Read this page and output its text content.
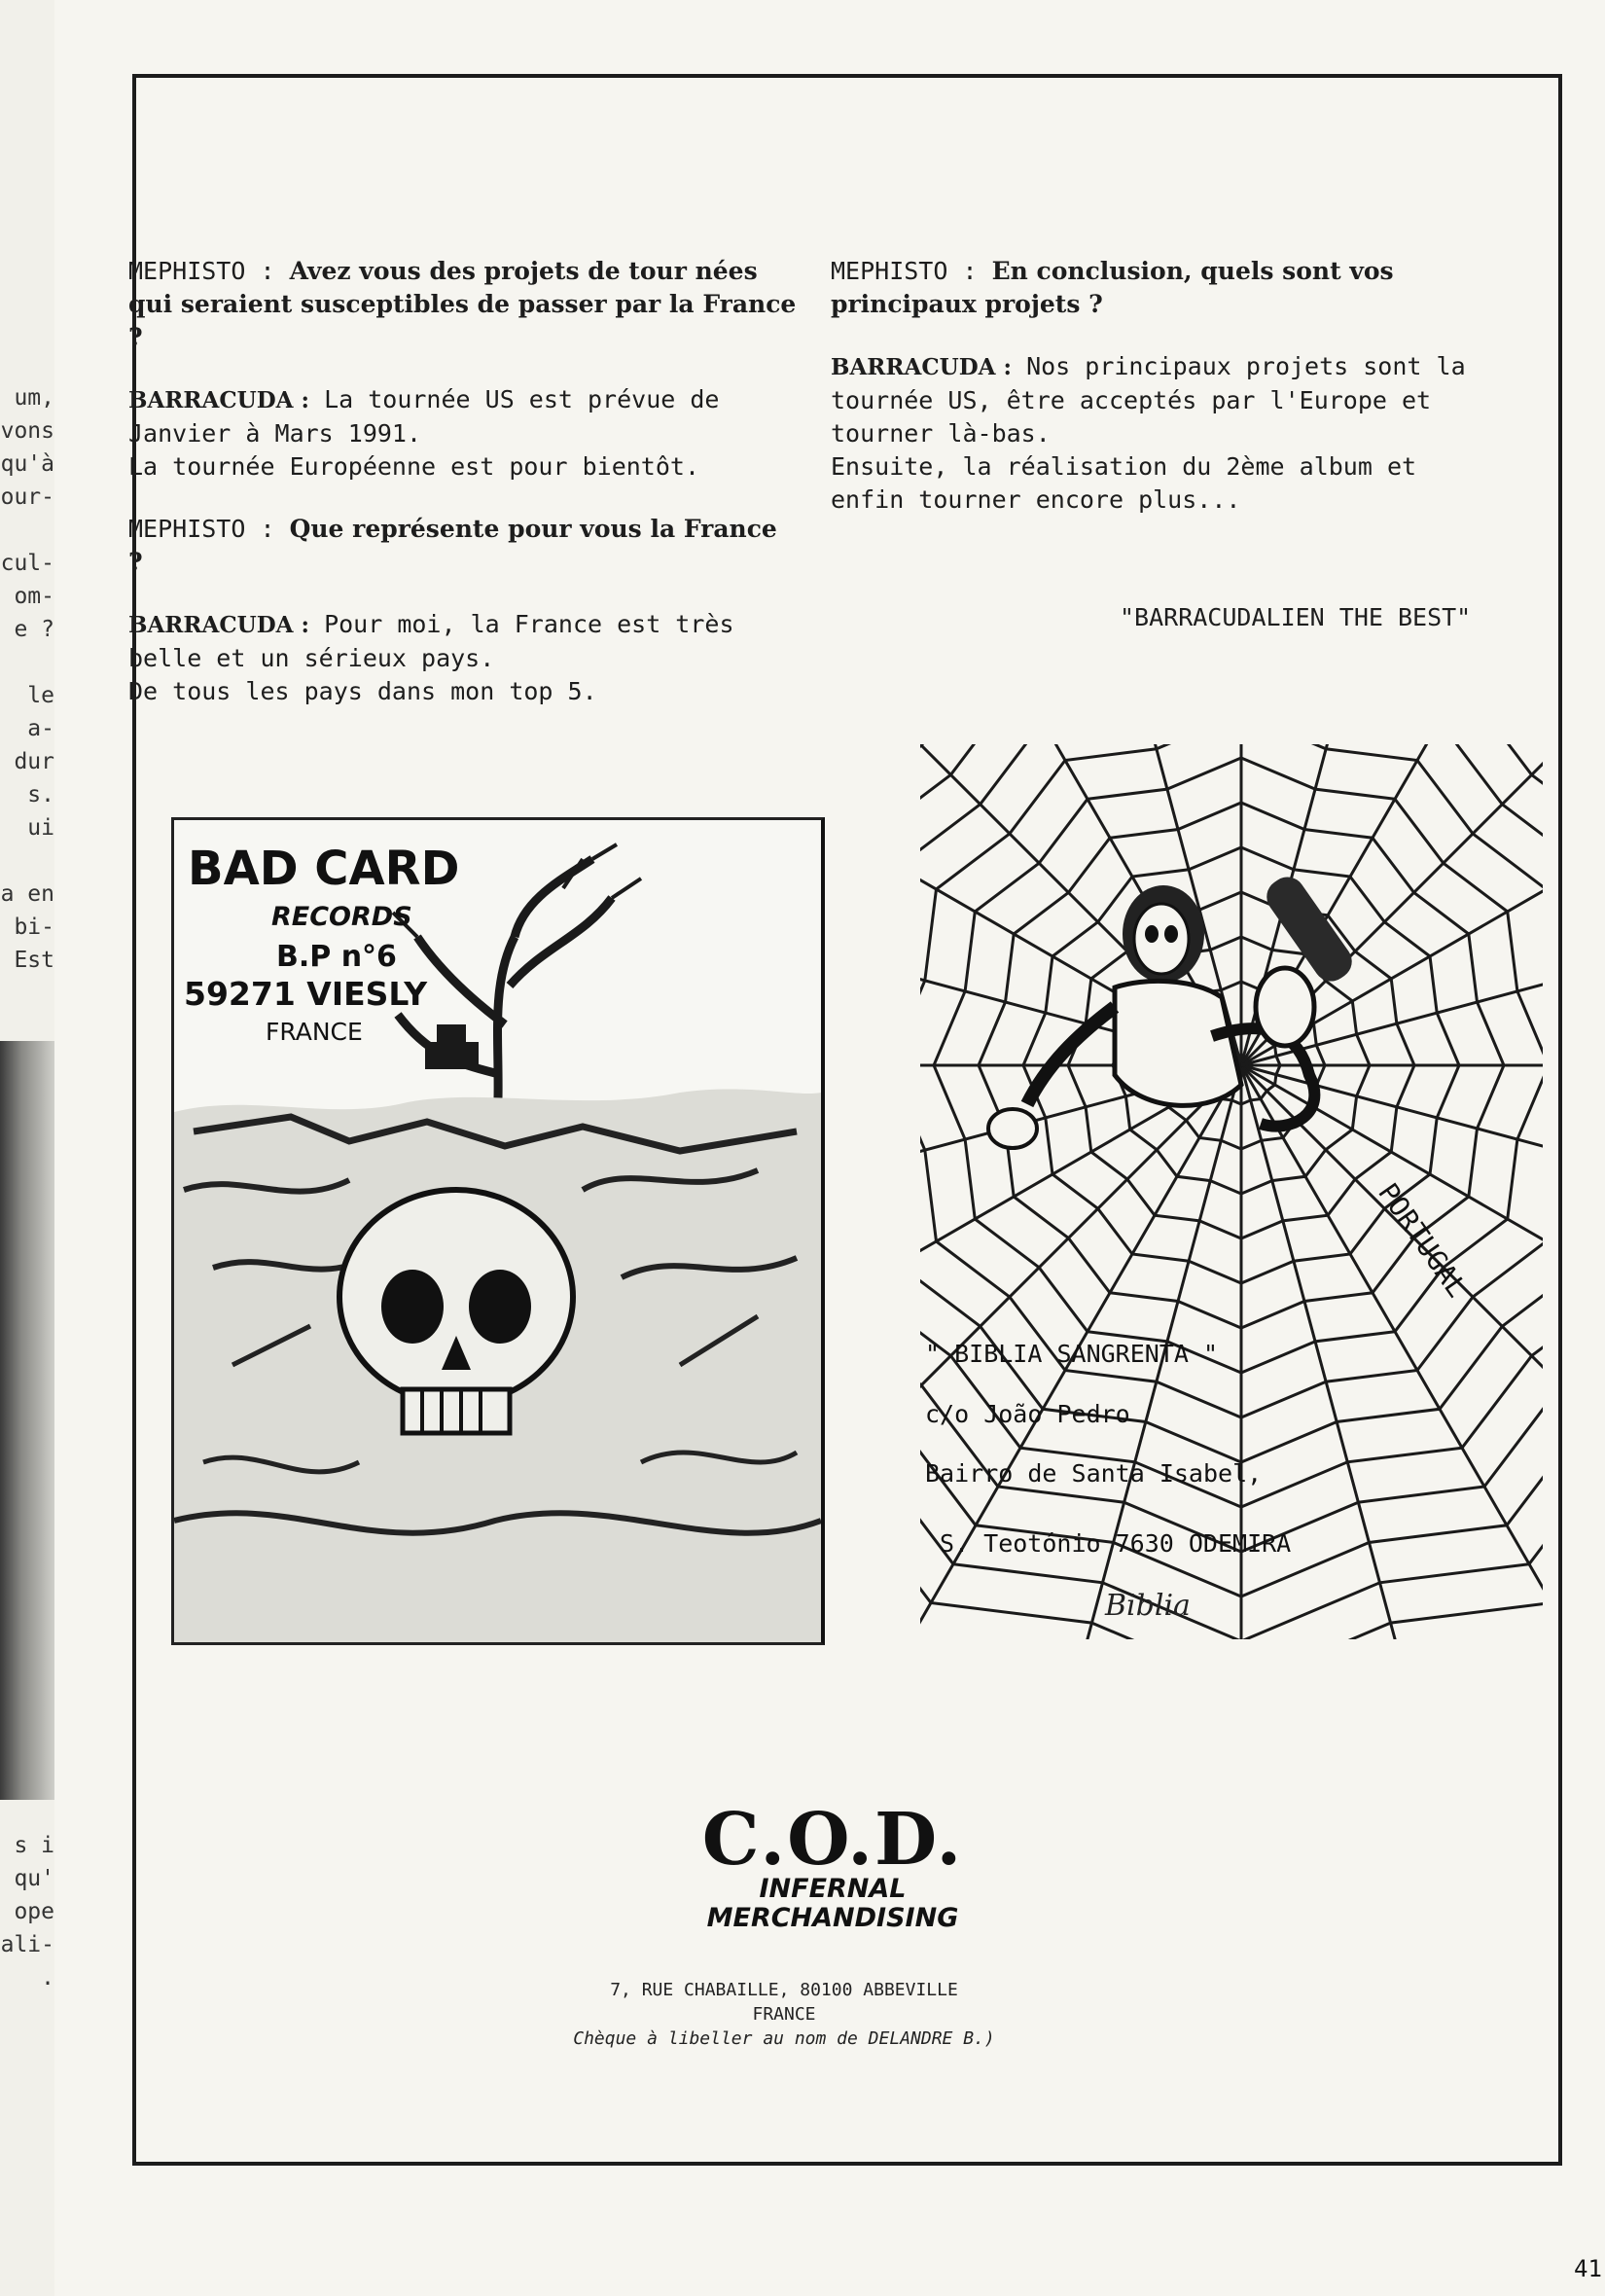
um,
vons
qu'à
our-
cul-
om-
e ?
le
a-
dur
s.
ui
a en
bi-
Est
s i
qu'
ope
ali-
.

MEPHISTO : Avez vous des projets de tour nées qui seraient susceptibles de passer par la France ?

BARRACUDA : La tournée US est prévue de Janvier à Mars 1991.

La tournée Européenne est pour bientôt.

MEPHISTO : Que représente pour vous la France ?

BARRACUDA : Pour moi, la France est très belle et un sérieux pays.

De tous les pays dans mon top 5.

MEPHISTO : En conclusion, quels sont vos principaux projets ?

BARRACUDA : Nos principaux projets sont la tournée US, être acceptés par l'Europe et tourner là-bas.

Ensuite, la réalisation du 2ème album et enfin tourner encore plus...

"BARRACUDALIEN THE BEST"
BAD CARD
RECORDS
B.P n°6
59271 VIESLY
FRANCE
PORTUGAL
" BIBLIA SANGRENTA "
c/o João Pedro
Bairro de Santa Isabel,
S. Teotónio 7630 ODEMIRA
Biblia
C.O.D.
INFERNAL
MERCHANDISING
7, RUE CHABAILLE, 80100 ABBEVILLE
FRANCE
Chèque à libeller au nom de DELANDRE B.)
41
